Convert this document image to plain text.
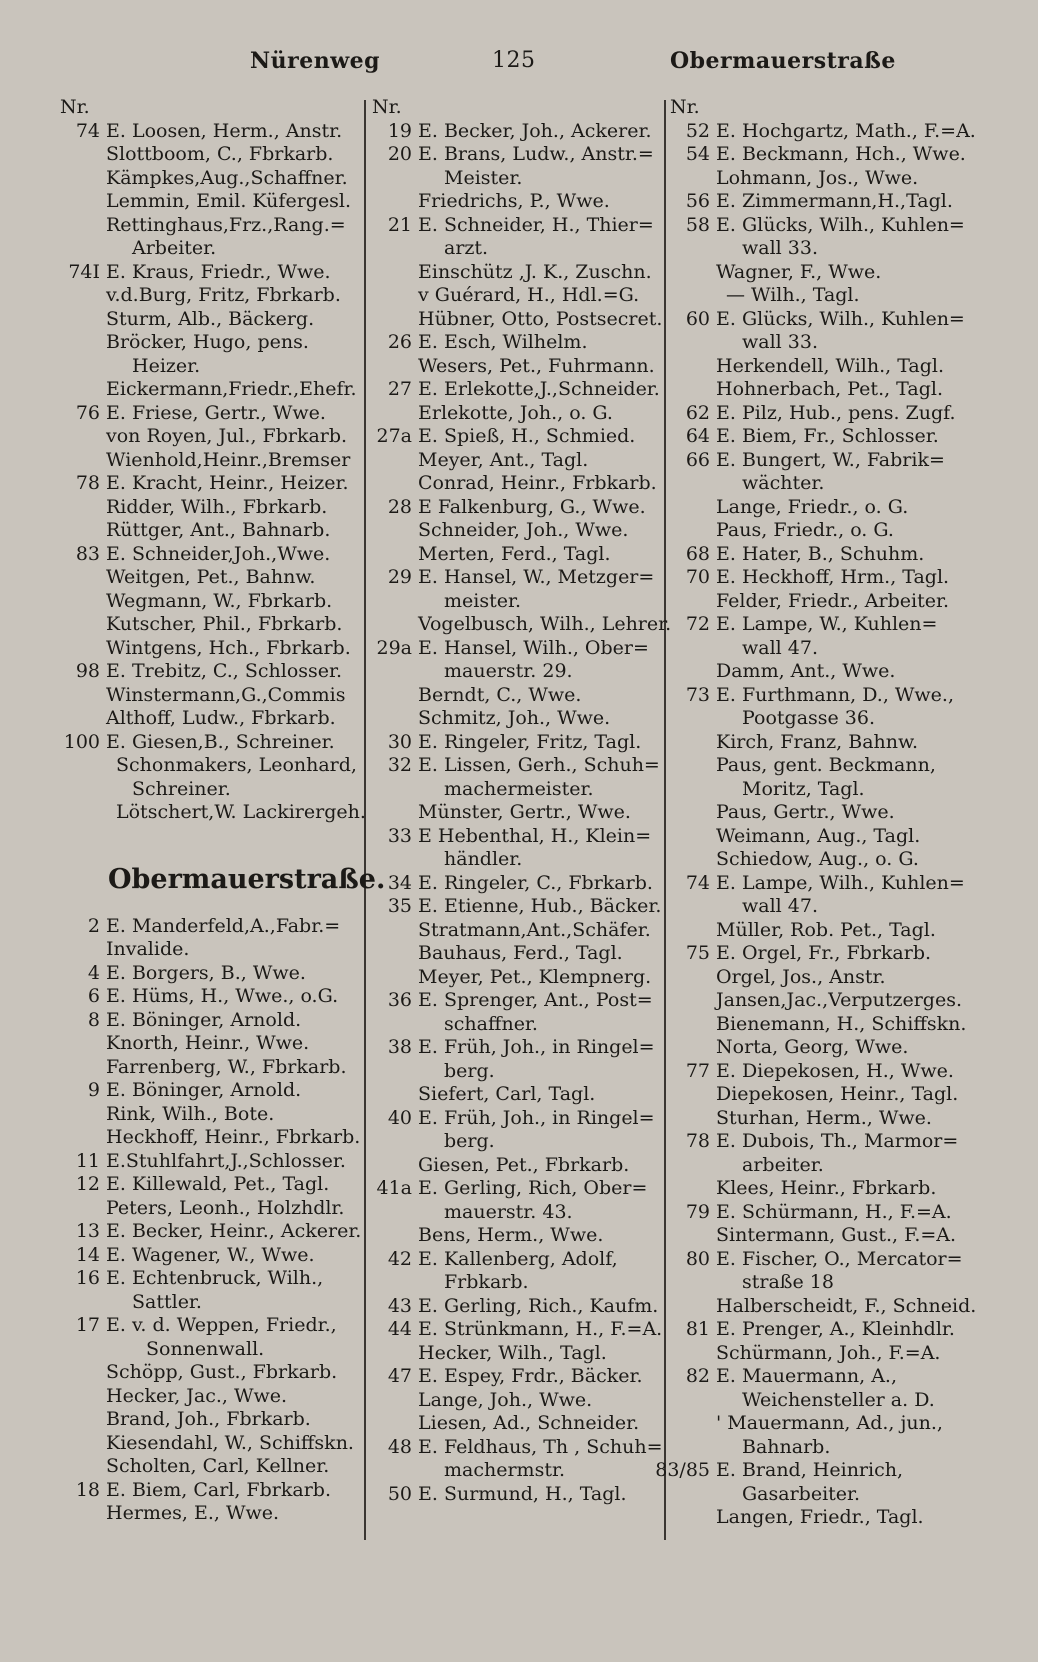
Nürenweg	125	Obermauerstraße
Nr.
74 E. Loosen, Herm., Anstr.
Slottboom, C., Fbrkarb.
Kämpkes,Aug.,Schaffner.
Lemmin, Emil. Küfergesl.
Rettinghaus,Frz.,Rang.=
Arbeiter.
74I E. Kraus, Friedr., Wwe.
v.d.Burg, Fritz, Fbrkarb.
Sturm, Alb., Bäckerg.
Bröcker, Hugo, pens.
Heizer.
Eickermann,Friedr.,Ehefr.
76 E. Friese, Gertr., Wwe.
von Royen, Jul., Fbrkarb.
Wienhold,Heinr.,Bremser
78 E. Kracht, Heinr., Heizer.
Ridder, Wilh., Fbrkarb.
Rüttger, Ant., Bahnarb.
83 E. Schneider,Joh.,Wwe.
Weitgen, Pet., Bahnw.
Wegmann, W., Fbrkarb.
Kutscher, Phil., Fbrkarb.
Wintgens, Hch., Fbrkarb.
98 E. Trebitz, C., Schlosser.
Winstermann,G.,Commis
Althoff, Ludw., Fbrkarb.
100 E. Giesen,B., Schreiner.
Schonmakers, Leonhard,
Schreiner.
Lötschert,W. Lackirergeh.
Obermauerstraße.
2 E. Manderfeld,A.,Fabr.=
Invalide.
4 E. Borgers, B., Wwe.
6 E. Hüms, H., Wwe., o.G.
8 E. Böninger, Arnold.
Knorth, Heinr., Wwe.
Farrenberg, W., Fbrkarb.
9 E. Böninger, Arnold.
Rink, Wilh., Bote.
Heckhoff, Heinr., Fbrkarb.
11 E.Stuhlfahrt,J.,Schlosser.
12 E. Killewald, Pet., Tagl.
Peters, Leonh., Holzhdlr.
13 E. Becker, Heinr., Ackerer.
14 E. Wagener, W., Wwe.
16 E. Echtenbruck, Wilh.,
Sattler.
17 E. v. d. Weppen, Friedr.,
Sonnenwall.
Schöpp, Gust., Fbrkarb.
Hecker, Jac., Wwe.
Brand, Joh., Fbrkarb.
Kiesendahl, W., Schiffskn.
Scholten, Carl, Kellner.
18 E. Biem, Carl, Fbrkarb.
Hermes, E., Wwe.
Nr.
19 E. Becker, Joh., Ackerer.
20 E. Brans, Ludw., Anstr.=
Meister.
Friedrichs, P., Wwe.
21 E. Schneider, H., Thier=
arzt.
Einschütz ,J. K., Zuschn.
v Guérard, H., Hdl.=G.
Hübner, Otto, Postsecret.
26 E. Esch, Wilhelm.
Wesers, Pet., Fuhrmann.
27 E. Erlekotte,J.,Schneider.
Erlekotte, Joh., o. G.
27a E. Spieß, H., Schmied.
Meyer, Ant., Tagl.
Conrad, Heinr., Frbkarb.
28 E Falkenburg, G., Wwe.
Schneider, Joh., Wwe.
Merten, Ferd., Tagl.
29 E. Hansel, W., Metzger=
meister.
Vogelbusch, Wilh., Lehrer.
29a E. Hansel, Wilh., Ober=
mauerstr. 29.
Berndt, C., Wwe.
Schmitz, Joh., Wwe.
30 E. Ringeler, Fritz, Tagl.
32 E. Lissen, Gerh., Schuh=
machermeister.
Münster, Gertr., Wwe.
33 E Hebenthal, H., Klein=
händler.
34 E. Ringeler, C., Fbrkarb.
35 E. Etienne, Hub., Bäcker.
Stratmann,Ant.,Schäfer.
Bauhaus, Ferd., Tagl.
Meyer, Pet., Klempnerg.
36 E. Sprenger, Ant., Post=
schaffner.
38 E. Früh, Joh., in Ringel=
berg.
Siefert, Carl, Tagl.
40 E. Früh, Joh., in Ringel=
berg.
Giesen, Pet., Fbrkarb.
41a E. Gerling, Rich, Ober=
mauerstr. 43.
Bens, Herm., Wwe.
42 E. Kallenberg, Adolf,
Frbkarb.
43 E. Gerling, Rich., Kaufm.
44 E. Strünkmann, H., F.=A.
Hecker, Wilh., Tagl.
47 E. Espey, Frdr., Bäcker.
Lange, Joh., Wwe.
Liesen, Ad., Schneider.
48 E. Feldhaus, Th , Schuh=
machermstr.
50 E. Surmund, H., Tagl.
Nr.
52 E. Hochgartz, Math., F.=A.
54 E. Beckmann, Hch., Wwe.
Lohmann, Jos., Wwe.
56 E. Zimmermann,H.,Tagl.
58 E. Glücks, Wilh., Kuhlen=
wall 33.
Wagner, F., Wwe.
— Wilh., Tagl.
60 E. Glücks, Wilh., Kuhlen=
wall 33.
Herkendell, Wilh., Tagl.
Hohnerbach, Pet., Tagl.
62 E. Pilz, Hub., pens. Zugf.
64 E. Biem, Fr., Schlosser.
66 E. Bungert, W., Fabrik=
wächter.
Lange, Friedr., o. G.
Paus, Friedr., o. G.
68 E. Hater, B., Schuhm.
70 E. Heckhoff, Hrm., Tagl.
Felder, Friedr., Arbeiter.
72 E. Lampe, W., Kuhlen=
wall 47.
Damm, Ant., Wwe.
73 E. Furthmann, D., Wwe.,
Pootgasse 36.
Kirch, Franz, Bahnw.
Paus, gent. Beckmann,
Moritz, Tagl.
Paus, Gertr., Wwe.
Weimann, Aug., Tagl.
Schiedow, Aug., o. G.
74 E. Lampe, Wilh., Kuhlen=
wall 47.
Müller, Rob. Pet., Tagl.
75 E. Orgel, Fr., Fbrkarb.
Orgel, Jos., Anstr.
Jansen,Jac.,Verputzerges.
Bienemann, H., Schiffskn.
Norta, Georg, Wwe.
77 E. Diepekosen, H., Wwe.
Diepekosen, Heinr., Tagl.
Sturhan, Herm., Wwe.
78 E. Dubois, Th., Marmor=
arbeiter.
Klees, Heinr., Fbrkarb.
79 E. Schürmann, H., F.=A.
Sintermann, Gust., F.=A.
80 E. Fischer, O., Mercator=
straße 18
Halberscheidt, F., Schneid.
81 E. Prenger, A., Kleinhdlr.
Schürmann, Joh., F.=A.
82 E. Mauermann, A.,
Weichensteller a. D.
' Mauermann, Ad., jun.,
Bahnarb.
83/85 E. Brand, Heinrich,
Gasarbeiter.
Langen, Friedr., Tagl.
